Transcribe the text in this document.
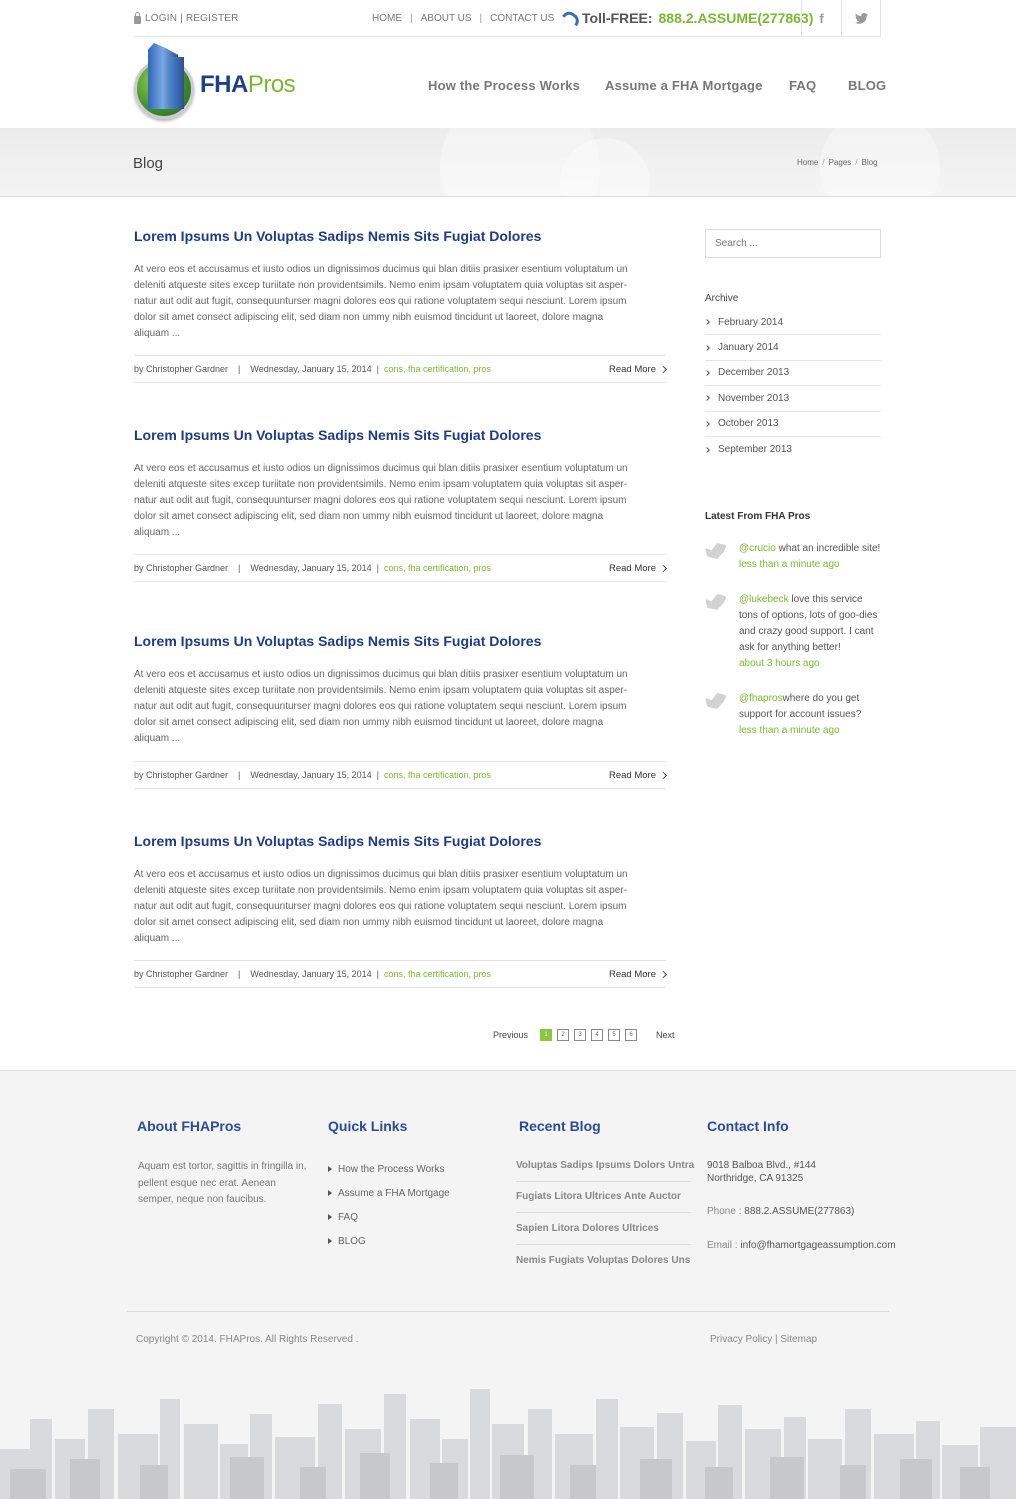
LOGIN | REGISTER	HOME | ABOUT US | CONTACT US Toll-FREE: 888.2.ASSUME(277863) f
FHAPros	How the Process Works Assume a FHA Mortgage FAQ BLOG
Blog	Home / Pages / Blog
Lorem Ipsums Un Voluptas Sadips Nemis Sits Fugiat Dolores
At vero eos et accusamus et iusto odios un dignissimos ducimus qui blan ditiis prasixer esentium voluptatum un
deleniti atqueste sites excep turiitate non providentsimils. Nemo enim ipsam voluptatem quia voluptas sit asper-
natur aut odit aut fugit, consequunturser magni dolores eos qui ratione voluptatem sequi nesciunt. Lorem ipsum
dolor sit amet consect adipiscing elit, sed diam non ummy nibh euismod tincidunt ut laoreet, dolore magna
aliquam ...
by Christopher Gardner | Wednesday, January 15, 2014 | cons, fha certification, pros	Read More
Lorem Ipsums Un Voluptas Sadips Nemis Sits Fugiat Dolores
At vero eos et accusamus et iusto odios un dignissimos ducimus qui blan ditiis prasixer esentium voluptatum un
deleniti atqueste sites excep turiitate non providentsimils. Nemo enim ipsam voluptatem quia voluptas sit asper-
natur aut odit aut fugit, consequunturser magni dolores eos qui ratione voluptatem sequi nesciunt. Lorem ipsum
dolor sit amet consect adipiscing elit, sed diam non ummy nibh euismod tincidunt ut laoreet, dolore magna
aliquam ...
by Christopher Gardner | Wednesday, January 15, 2014 | cons, fha certification, pros	Read More
Lorem Ipsums Un Voluptas Sadips Nemis Sits Fugiat Dolores
At vero eos et accusamus et iusto odios un dignissimos ducimus qui blan ditiis prasixer esentium voluptatum un
deleniti atqueste sites excep turiitate non providentsimils. Nemo enim ipsam voluptatem quia voluptas sit asper-
natur aut odit aut fugit, consequunturser magni dolores eos qui ratione voluptatem sequi nesciunt. Lorem ipsum
dolor sit amet consect adipiscing elit, sed diam non ummy nibh euismod tincidunt ut laoreet, dolore magna
aliquam ...
by Christopher Gardner | Wednesday, January 15, 2014 | cons, fha certification, pros	Read More
Lorem Ipsums Un Voluptas Sadips Nemis Sits Fugiat Dolores
At vero eos et accusamus et iusto odios un dignissimos ducimus qui blan ditiis prasixer esentium voluptatum un
deleniti atqueste sites excep turiitate non providentsimils. Nemo enim ipsam voluptatem quia voluptas sit asper-
natur aut odit aut fugit, consequunturser magni dolores eos qui ratione voluptatem sequi nesciunt. Lorem ipsum
dolor sit amet consect adipiscing elit, sed diam non ummy nibh euismod tincidunt ut laoreet, dolore magna
aliquam ...
by Christopher Gardner | Wednesday, January 15, 2014 | cons, fha certification, pros	Read More
Previous	1	2	3	4	5	6	Next
Search ...
Archive
February 2014
January 2014
December 2013
November 2013
October 2013
September 2013
Latest From FHA Pros
@crucio what an incredible site!
less than a minute ago
@lukebeck love this service tons of options, lots of goo-dies and crazy good support. I cant ask for anything better!
about 3 hours ago
@fhaproswhere do you get support for account issues?
less than a minute ago
About FHAPros
Aquam est tortor, sagittis in fringilla in, pellent esque nec erat. Aenean semper, neque non faucibus.
Quick Links
How the Process Works
Assume a FHA Mortgage
FAQ
BLOG
Recent Blog
Voluptas Sadips Ipsums Dolors Untra
Fugiats Litora Ultrices Ante Auctor
Sapien Litora Dolores Ultrices
Nemis Fugiats Voluptas Dolores Uns
Contact Info
9018 Balboa Blvd., #144
Northridge, CA 91325
Phone : 888.2.ASSUME(277863)
Email : info@fhamortgageassumption.com
Copyright © 2014. FHAPros. All Rights Reserved .	Privacy Policy | Sitemap
